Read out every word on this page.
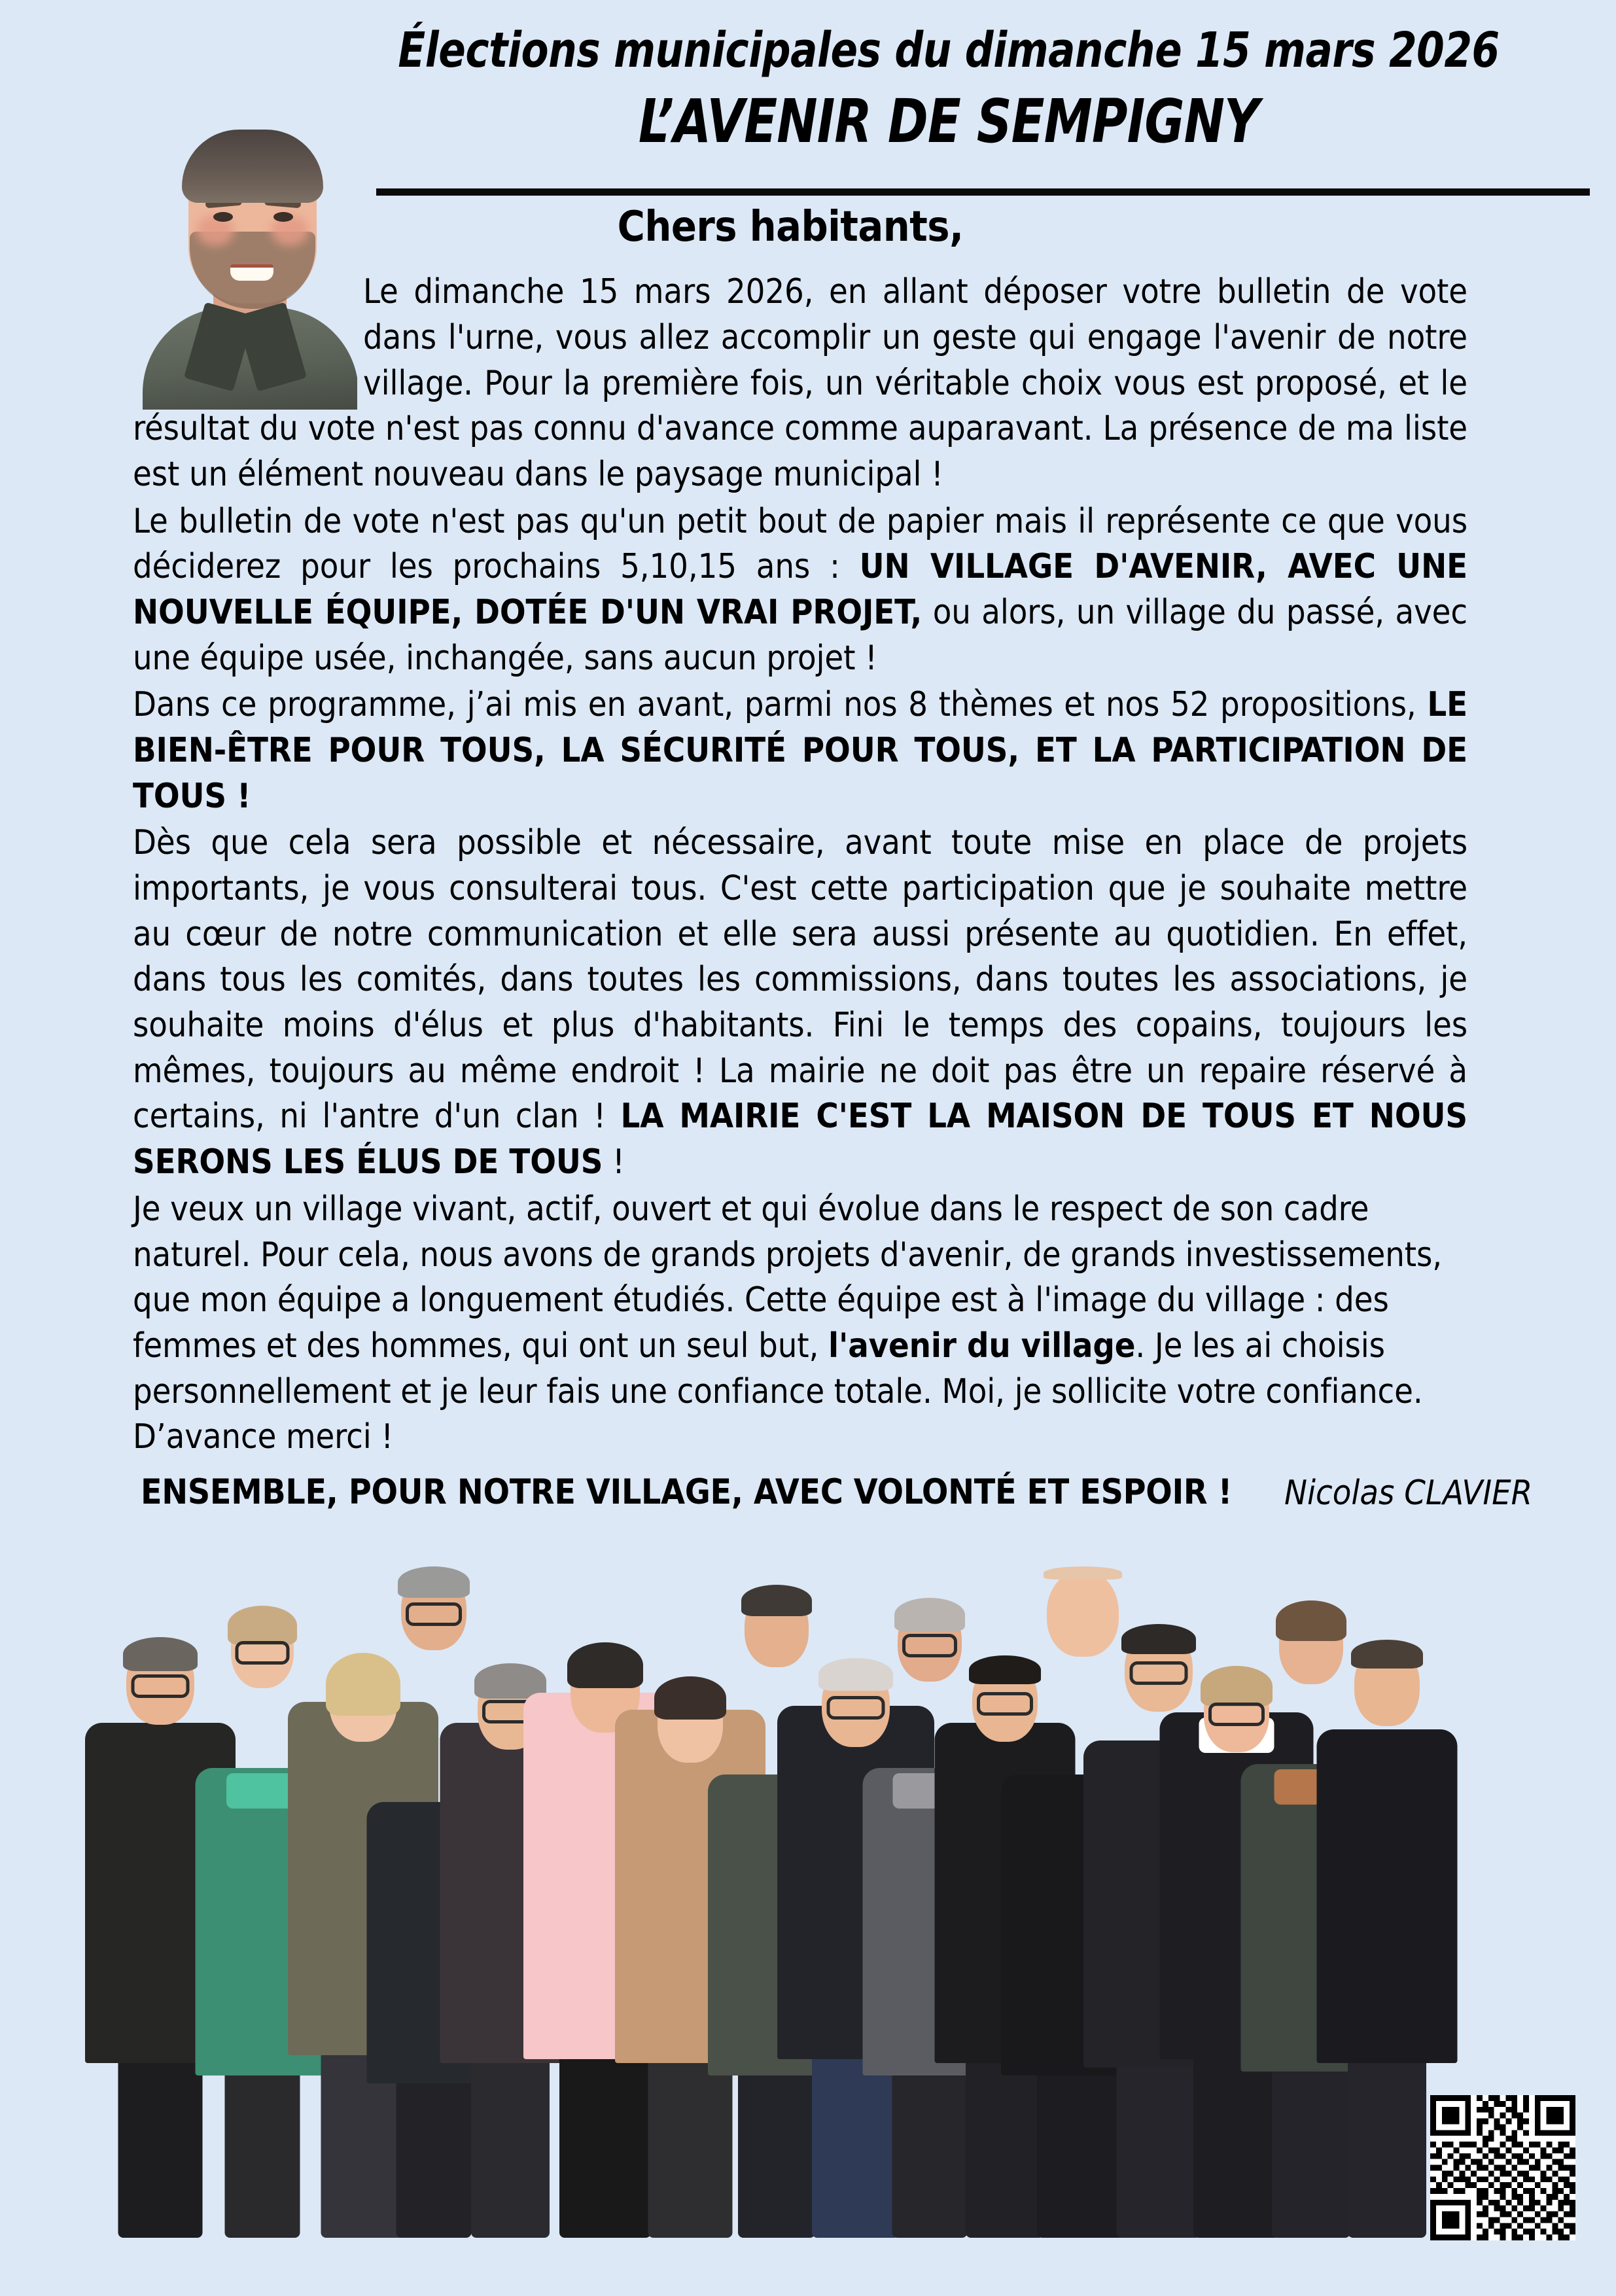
Élections municipales du dimanche 15 mars 2026
L’AVENIR DE SEMPIGNY
Chers habitants,

Le dimanche 15 mars 2026, en allant déposer votre bulletin de vote dans l'urne, vous allez accomplir un geste qui engage l'avenir de notre village. Pour la première fois, un véritable choix vous est proposé, et le résultat du vote n'est pas connu d'avance comme auparavant. La présence de ma liste est un élément nouveau dans le paysage municipal !

Le bulletin de vote n'est pas qu'un petit bout de papier mais il représente ce que vous déciderez pour les prochains 5,10,15 ans : UN VILLAGE D'AVENIR, AVEC UNE NOUVELLE ÉQUIPE, DOTÉE D'UN VRAI PROJET, ou alors, un village du passé, avec une équipe usée, inchangée, sans aucun projet !

Dans ce programme, j’ai mis en avant, parmi nos 8 thèmes et nos 52 propositions, LE BIEN-ÊTRE POUR TOUS, LA SÉCURITÉ POUR TOUS, ET LA PARTICIPATION DE TOUS !

Dès que cela sera possible et nécessaire, avant toute mise en place de projets importants, je vous consulterai tous. C'est cette participation que je souhaite mettre au cœur de notre communication et elle sera aussi présente au quotidien. En effet, dans tous les comités, dans toutes les commissions, dans toutes les associations, je souhaite moins d'élus et plus d'habitants. Fini le temps des copains, toujours les mêmes, toujours au même endroit ! La mairie ne doit pas être un repaire réservé à certains, ni l'antre d'un clan ! LA MAIRIE C'EST LA MAISON DE TOUS ET NOUS SERONS LES ÉLUS DE TOUS !

Je veux un village vivant, actif, ouvert et qui évolue dans le respect de son cadre naturel. Pour cela, nous avons de grands projets d'avenir, de grands investissements, que mon équipe a longuement étudiés. Cette équipe est à l'image du village : des femmes et des hommes, qui ont un seul but, l'avenir du village. Je les ai choisis personnellement et je leur fais une confiance totale. Moi, je sollicite votre confiance. D’avance merci !

ENSEMBLE, POUR NOTRE VILLAGE, AVEC VOLONTÉ ET ESPOIR ! Nicolas CLAVIER
